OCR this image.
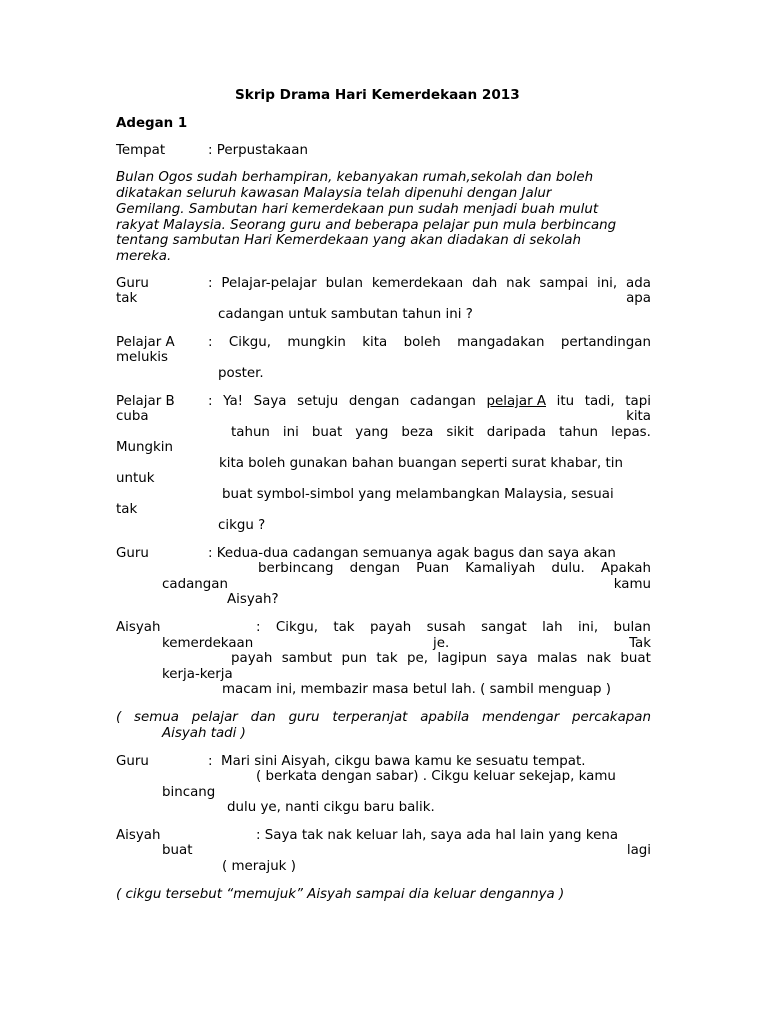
Skrip Drama Hari Kemerdekaan 2013
Adegan 1
Tempat	: Perpustakaan
Bulan Ogos sudah berhampiran, kebanyakan rumah,sekolah dan boleh
dikatakan seluruh kawasan Malaysia telah dipenuhi dengan Jalur
Gemilang. Sambutan hari kemerdekaan pun sudah menjadi buah mulut
rakyat Malaysia. Seorang guru and beberapa pelajar pun mula berbincang
tentang sambutan Hari Kemerdekaan yang akan diadakan di sekolah
mereka.
Guru	: Pelajar-pelajar bulan kemerdekaan dah nak sampai ini, ada
tak	apa
cadangan untuk sambutan tahun ini ?
Pelajar A : Cikgu, mungkin kita boleh mangadakan pertandingan
melukis
poster.
Pelajar B : Ya! Saya setuju dengan cadangan pelajar A itu tadi, tapi
cuba	kita
tahun ini buat yang beza sikit daripada tahun lepas.
Mungkin
kita boleh gunakan bahan buangan seperti surat khabar, tin
untuk
buat symbol-simbol yang melambangkan Malaysia, sesuai
tak
cikgu ?
Guru	: Kedua-dua cadangan semuanya agak bagus dan saya akan
berbincang dengan Puan Kamaliyah dulu. Apakah
cadangan	kamu
Aisyah?
Aisyah	: Cikgu, tak payah susah sangat lah ini, bulan
kemerdekaan	je.	Tak
payah sambut pun tak pe, lagipun saya malas nak buat
kerja-kerja
macam ini, membazir masa betul lah. ( sambil menguap )
( semua pelajar dan guru terperanjat apabila mendengar percakapan
Aisyah tadi )
Guru	:  Mari sini Aisyah, cikgu bawa kamu ke sesuatu tempat.
( berkata dengan sabar) . Cikgu keluar sekejap, kamu
bincang
dulu ye, nanti cikgu baru balik.
Aisyah	: Saya tak nak keluar lah, saya ada hal lain yang kena
buat	lagi
( merajuk )
( cikgu tersebut “memujuk” Aisyah sampai dia keluar dengannya )
